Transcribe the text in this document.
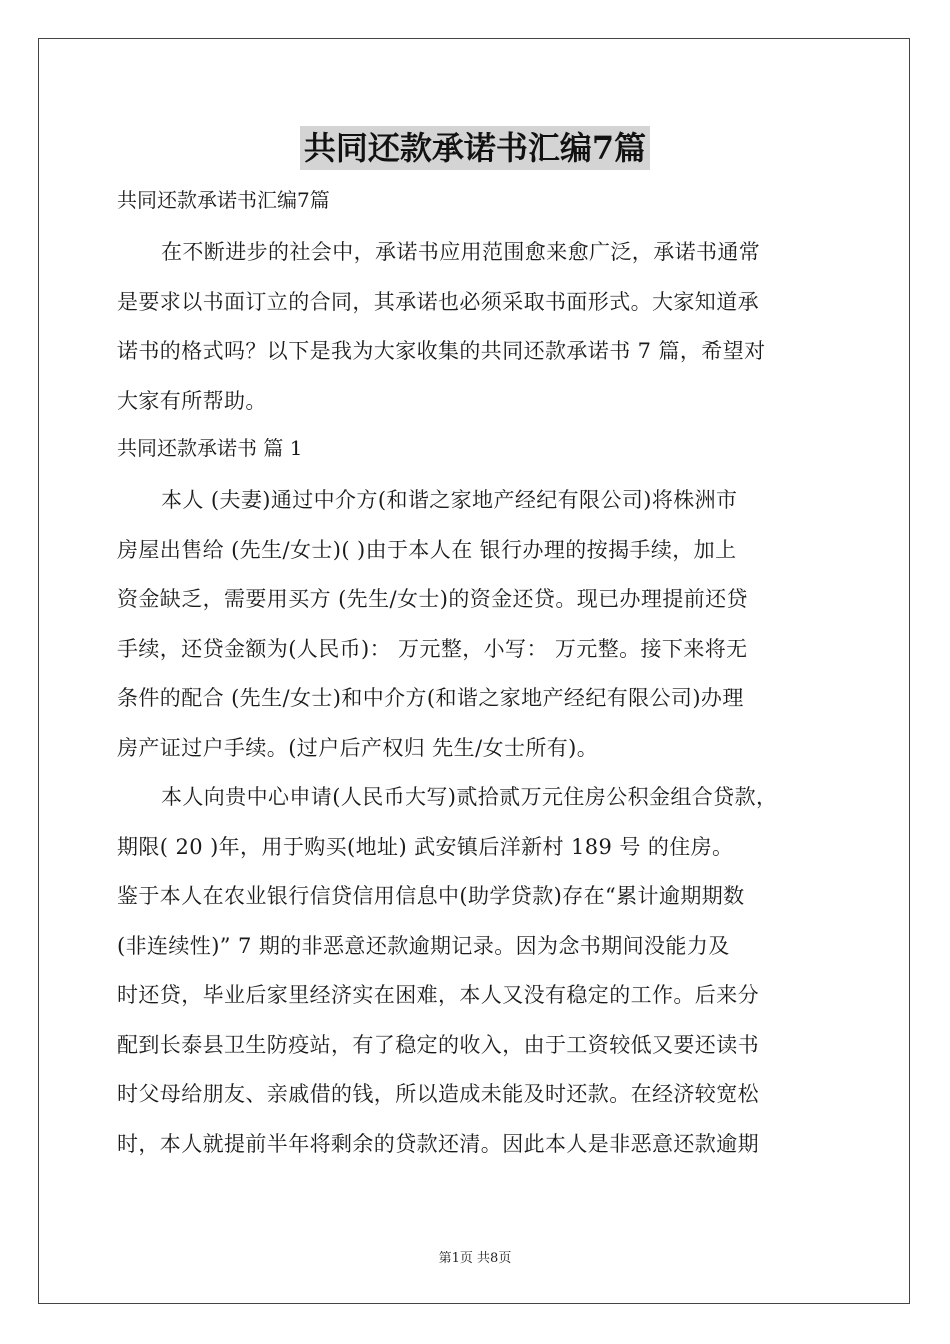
共同还款承诺书汇编7篇
共同还款承诺书汇编7篇
在不断进步的社会中，承诺书应用范围愈来愈广泛，承诺书通常
是要求以书面订立的合同，其承诺也必须采取书面形式。大家知道承
诺书的格式吗？以下是我为大家收集的共同还款承诺书 7 篇，希望对
大家有所帮助。
共同还款承诺书 篇 1
本人 (夫妻)通过中介方(和谐之家地产经纪有限公司)将株洲市
房屋出售给 (先生/女士)( )由于本人在 银行办理的按揭手续，加上
资金缺乏，需要用买方 (先生/女士)的资金还贷。现已办理提前还贷
手续，还贷金额为(人民币)： 万元整，小写： 万元整。接下来将无
条件的配合 (先生/女士)和中介方(和谐之家地产经纪有限公司)办理
房产证过户手续。(过户后产权归 先生/女士所有)。
本人向贵中心申请(人民币大写)贰拾贰万元住房公积金组合贷款，
期限( 20 )年，用于购买(地址) 武安镇后洋新村 189 号 的住房。
鉴于本人在农业银行信贷信用信息中(助学贷款)存在“累计逾期期数
(非连续性)” 7 期的非恶意还款逾期记录。因为念书期间没能力及
时还贷，毕业后家里经济实在困难，本人又没有稳定的工作。后来分
配到长泰县卫生防疫站，有了稳定的收入，由于工资较低又要还读书
时父母给朋友、亲戚借的钱，所以造成未能及时还款。在经济较宽松
时，本人就提前半年将剩余的贷款还清。因此本人是非恶意还款逾期
第1页 共8页
